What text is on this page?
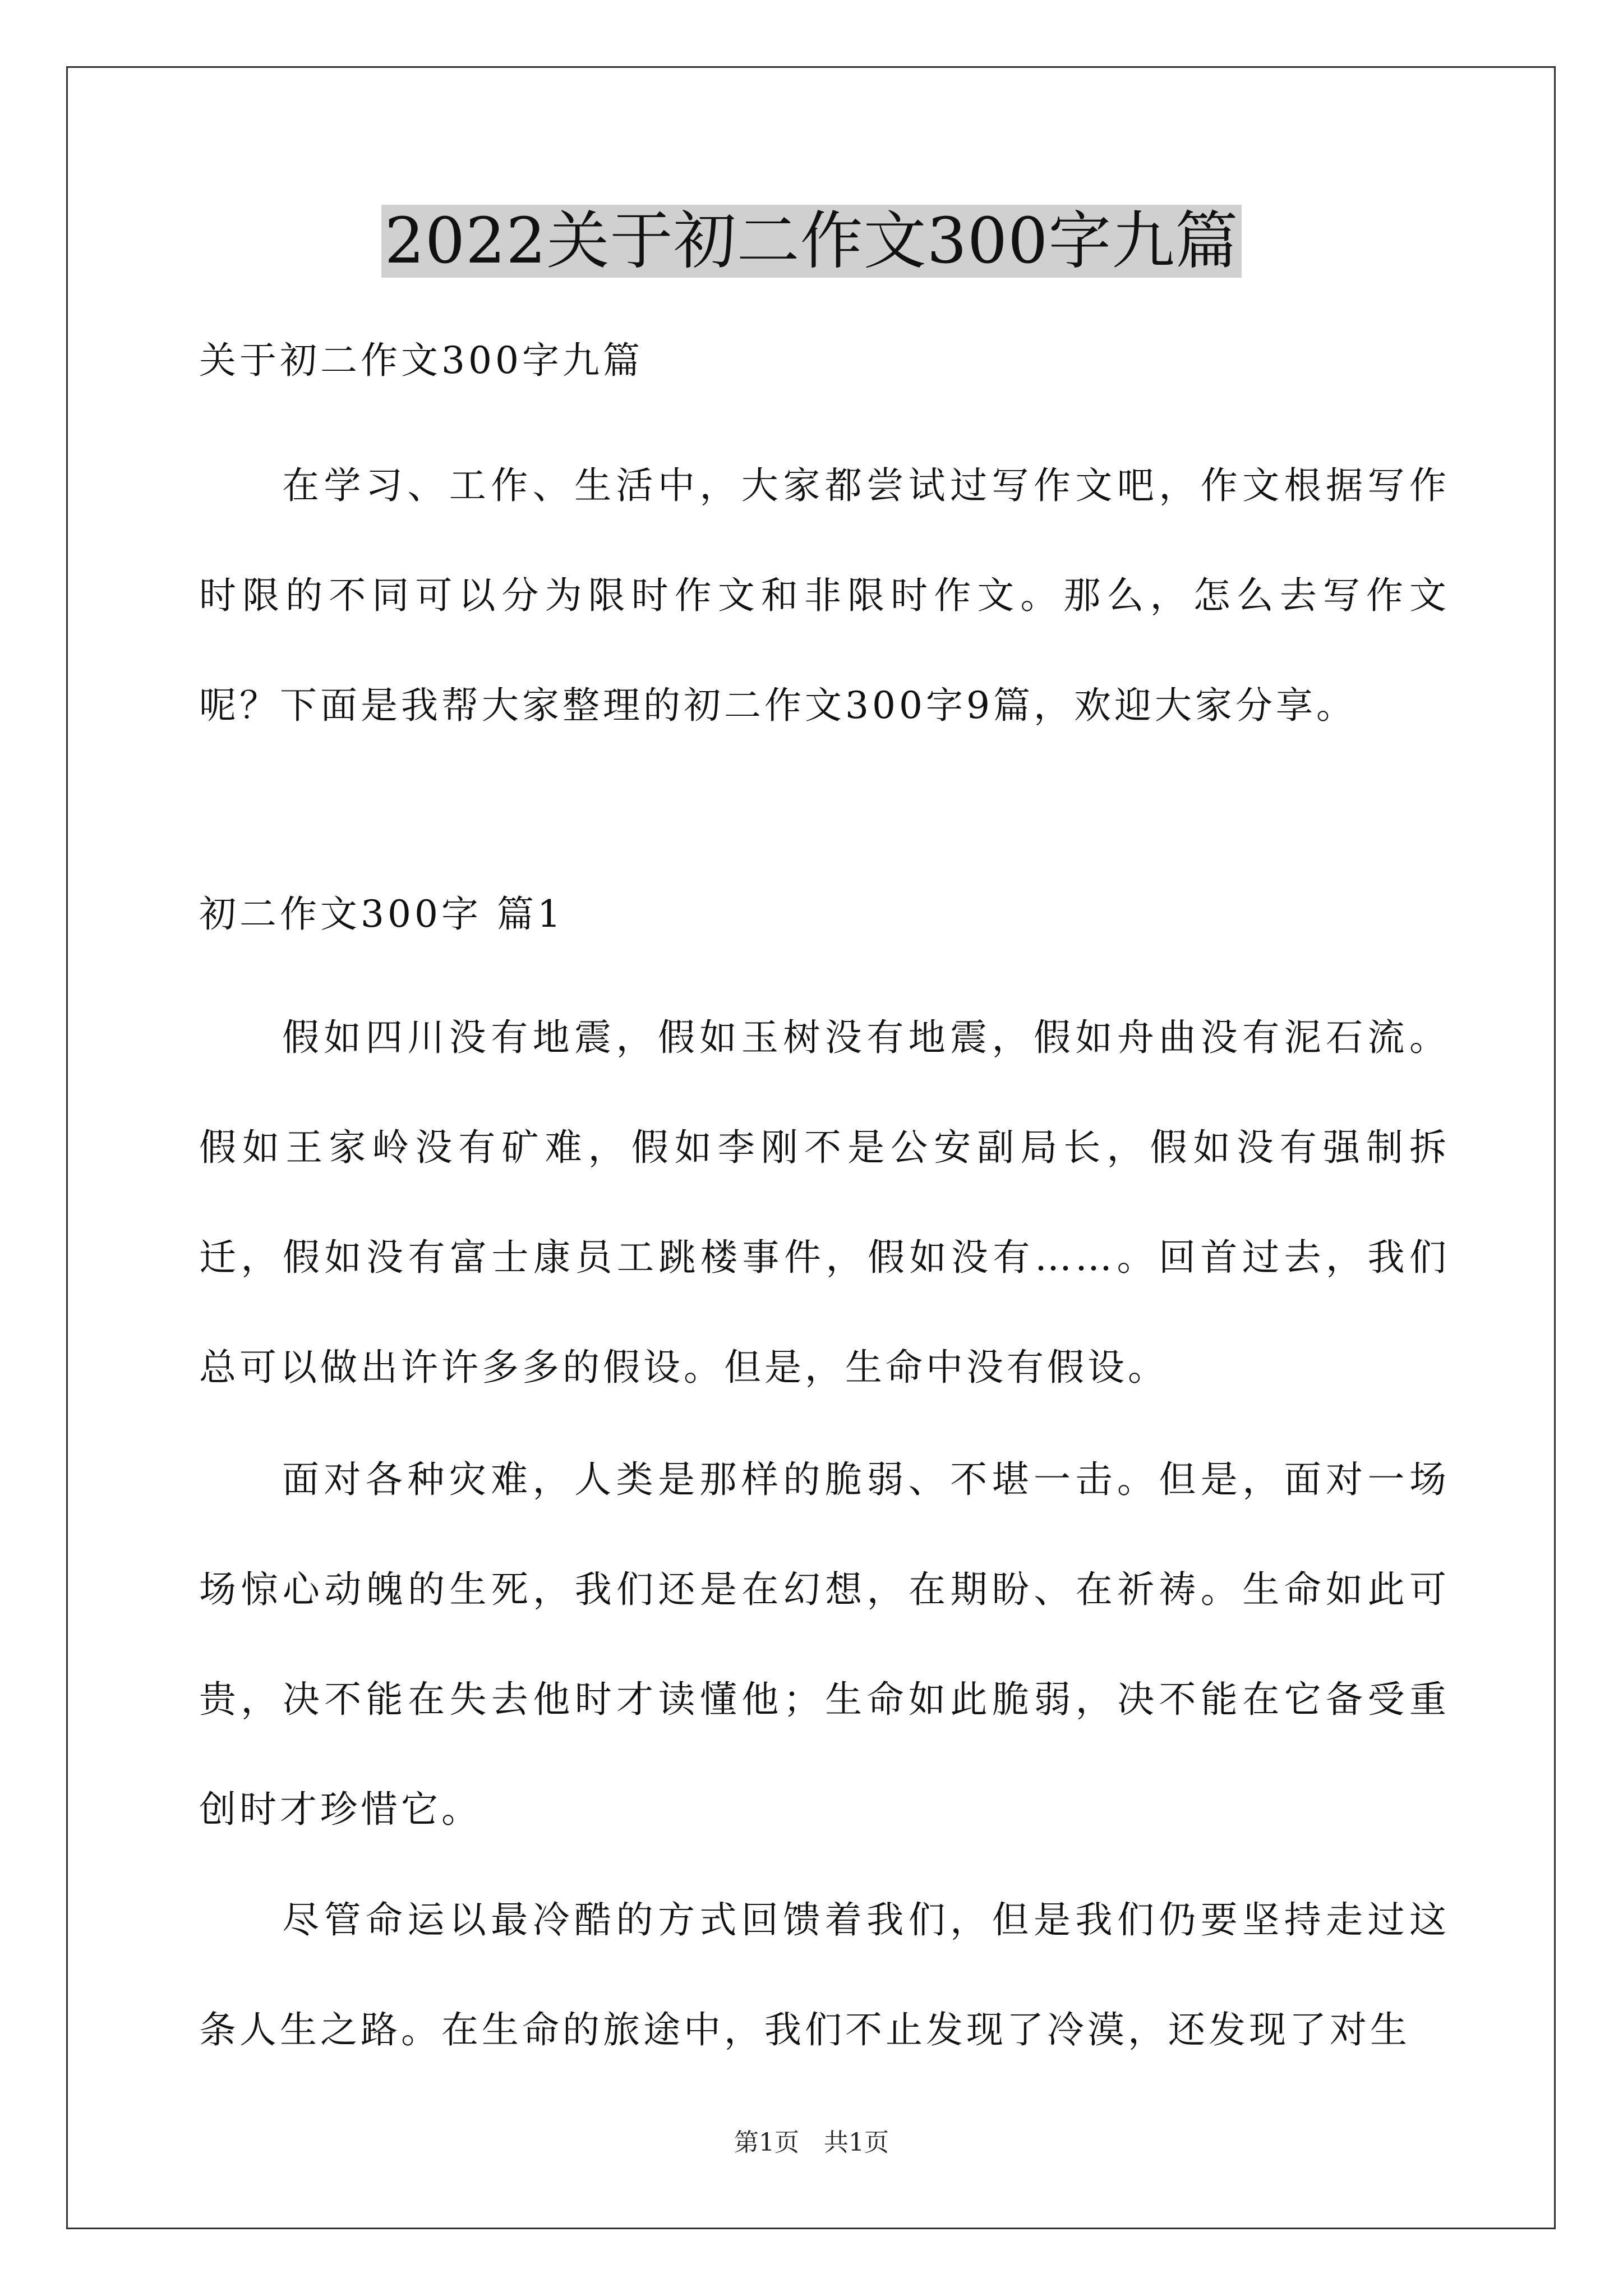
2022关于初二作文300字九篇
关于初二作文300字九篇

在学习、工作、生活中，大家都尝试过写作文吧，作文根据写作时限的不同可以分为限时作文和非限时作文。那么，怎么去写作文呢？下面是我帮大家整理的初二作文300字9篇，欢迎大家分享。

初二作文300字 篇1

假如四川没有地震，假如玉树没有地震，假如舟曲没有泥石流。假如王家岭没有矿难，假如李刚不是公安副局长，假如没有强制拆迁，假如没有富士康员工跳楼事件，假如没有……。回首过去，我们总可以做出许许多多的假设。但是，生命中没有假设。

面对各种灾难，人类是那样的脆弱、不堪一击。但是，面对一场场惊心动魄的生死，我们还是在幻想，在期盼、在祈祷。生命如此可贵，决不能在失去他时才读懂他；生命如此脆弱，决不能在它备受重创时才珍惜它。

尽管命运以最冷酷的方式回馈着我们，但是我们仍要坚持走过这条人生之路。在生命的旅途中，我们不止发现了冷漠，还发现了对生

第1页　共1页
